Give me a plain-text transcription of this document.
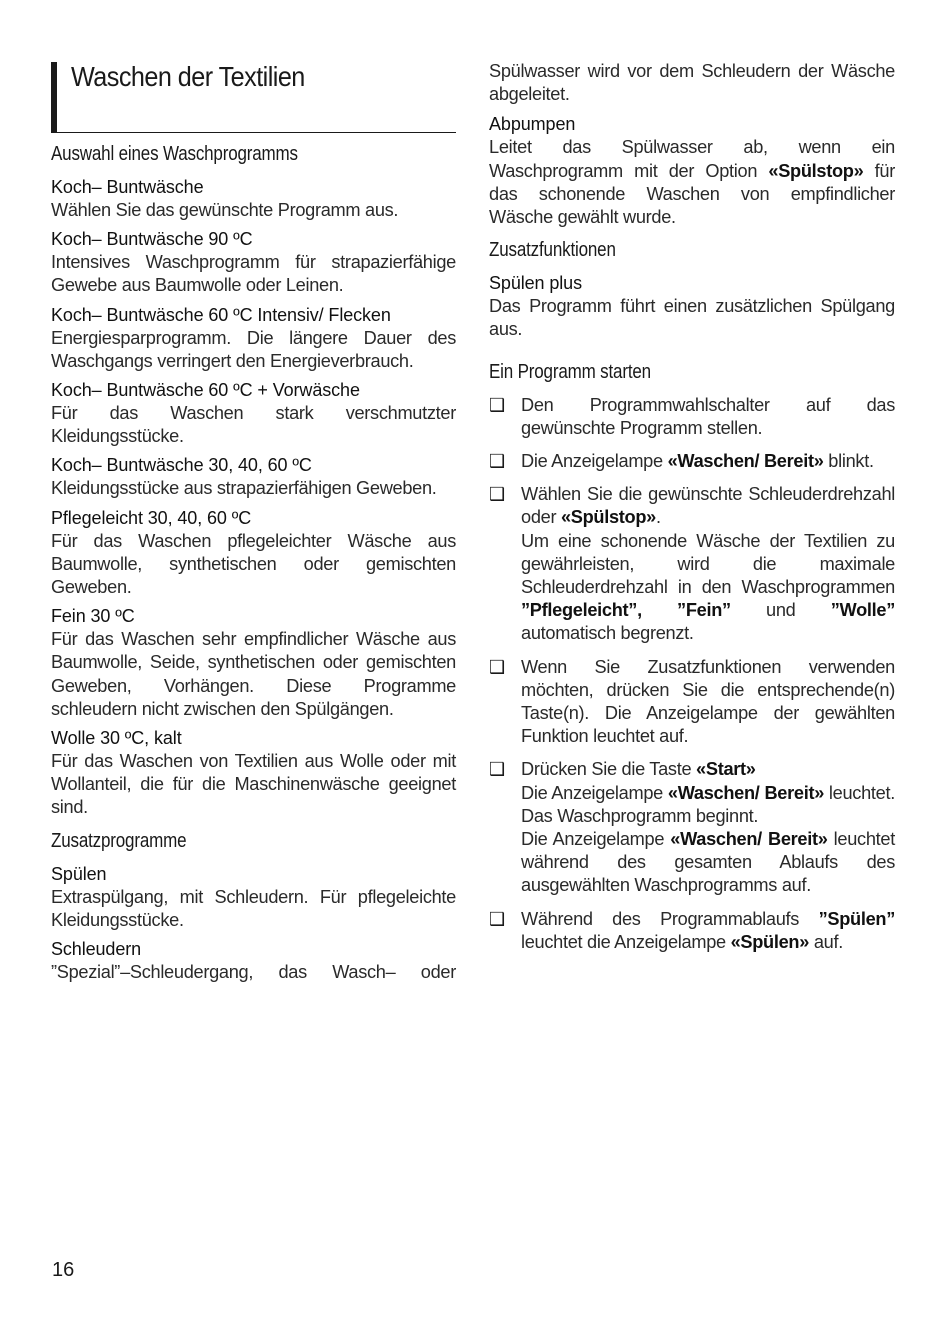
Waschen der Textilien
Auswahl eines Waschprogramms
Koch– Buntwäsche

Wählen Sie das gewünschte Programm aus.

Koch– Buntwäsche 90 ºC

Intensives Waschprogramm für strapazierfähige Gewebe aus Baumwolle oder Leinen.

Koch– Buntwäsche 60 ºC Intensiv/ Flecken

Energiesparprogramm. Die längere Dauer des Waschgangs verringert den Energieverbrauch.

Koch– Buntwäsche 60 ºC + Vorwäsche

Für das Waschen stark verschmutzter Kleidungsstücke.

Koch– Buntwäsche 30, 40, 60 ºC

Kleidungsstücke aus strapazierfähigen Geweben.

Pflegeleicht 30, 40, 60 ºC

Für das Waschen pflegeleichter Wäsche aus Baumwolle, synthetischen oder gemischten Geweben.

Fein 30 ºC

Für das Waschen sehr empfindlicher Wäsche aus Baumwolle, Seide, synthetischen oder gemischten Geweben, Vorhängen. Diese Programme schleudern nicht zwischen den Spülgängen.

Wolle 30 ºC, kalt

Für das Waschen von Textilien aus Wolle oder mit Wollanteil, die für die Maschinenwäsche geeignet sind.

Zusatzprogramme
Spülen

Extraspülgang, mit Schleudern. Für pflegeleichte Kleidungsstücke.

Schleudern

”Spezial”–Schleudergang, das Wasch– oder

Spülwasser wird vor dem Schleudern der Wäsche abgeleitet.

Abpumpen

Leitet das Spülwasser ab, wenn ein Waschprogramm mit der Option «Spülstop» für das schonende Waschen von empfindlicher Wäsche gewählt wurde.

Zusatzfunktionen
Spülen plus

Das Programm führt einen zusätzlichen Spülgang aus.

Ein Programm starten
❑ Den Programmwahlschalter auf das gewünschte Programm stellen.

❑ Die Anzeigelampe «Waschen/ Bereit» blinkt.

❑ Wählen Sie die gewünschte Schleuderdrehzahl oder «Spülstop».

Um eine schonende Wäsche der Textilien zu gewährleisten, wird die maximale Schleuderdrehzahl in den Waschprogrammen ”Pflegeleicht”, ”Fein” und ”Wolle” automatisch begrenzt.

❑ Wenn Sie Zusatzfunktionen verwenden möchten, drücken Sie die entsprechende(n) Taste(n). Die Anzeigelampe der gewählten Funktion leuchtet auf.

❑ Drücken Sie die Taste «Start»

Die Anzeigelampe «Waschen/ Bereit» leuchtet. Das Waschprogramm beginnt.

Die Anzeigelampe «Waschen/ Bereit» leuchtet während des gesamten Ablaufs des ausgewählten Waschprogramms auf.

❑ Während des Programmablaufs ”Spülen” leuchtet die Anzeigelampe «Spülen» auf.

16
